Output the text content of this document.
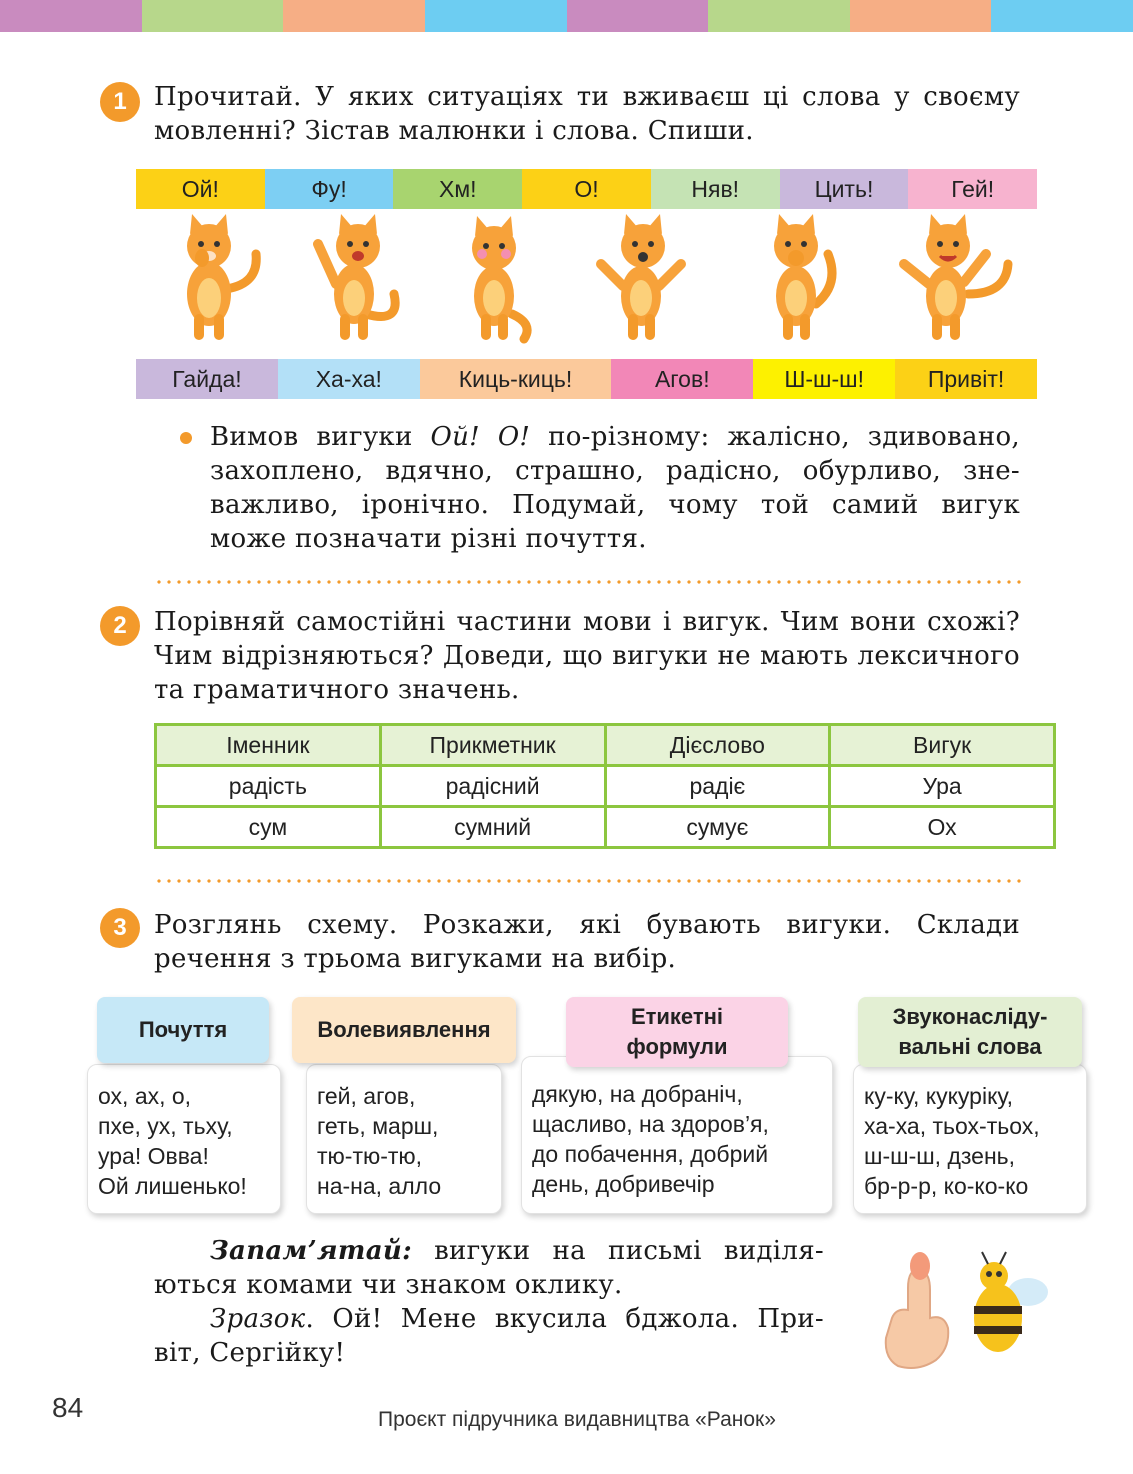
1	Прочитай. У яких ситуаціях ти вживаєш ці слова у своєму
мовленні? Зістав малюнки і слова. Спиши.
Ой!	Фу!	Хм!	О!	Няв!	Цить!	Гей!
Гайда!	Ха-ха!	Киць-киць!	Агов!	Ш-ш-ш!	Привіт!
Вимов вигуки Ой! О! по-різному: жалісно, здивовано,
захоплено, вдячно, страшно, радісно, обурливо, зне-
важливо, іронічно. Подумай, чому той самий вигук
може позначати різні почуття.
2	Порівняй самостійні частини мови і вигук. Чим вони схожі?
Чим відрізняються? Доведи, що вигуки не мають лексичного
та граматичного значень.
Іменник	Прикметник	Дієслово	Вигук
радість	радісний	радіє	Ура
сум	сумний	сумує	Ох
3	Розглянь схему. Розкажи, які бувають вигуки. Склади
речення з трьома вигуками на вибір.
ох, ах, о,
пхе, ух, тьху,
ура! Овва!
Ой лишенько!
Почуття
гей, агов,
геть, марш,
тю-тю-тю,
на-на, алло
Волевиявлення
дякую, на добраніч,
щасливо, на здоров’я,
до побачення, добрий
день, добривечір
Етикетні
формули
ку-ку, кукуріку,
ха-ха, тьох-тьох,
ш-ш-ш, дзень,
бр-р-р, ко-ко-ко
Звуконасліду-
вальні слова
Запам’ятай: вигуки на письмі виділя-
ються комами чи знаком оклику.
Зразок. Ой! Мене вкусила бджола. При-
віт, Сергійку!
84	Проєкт підручника видавництва «Ранок»
